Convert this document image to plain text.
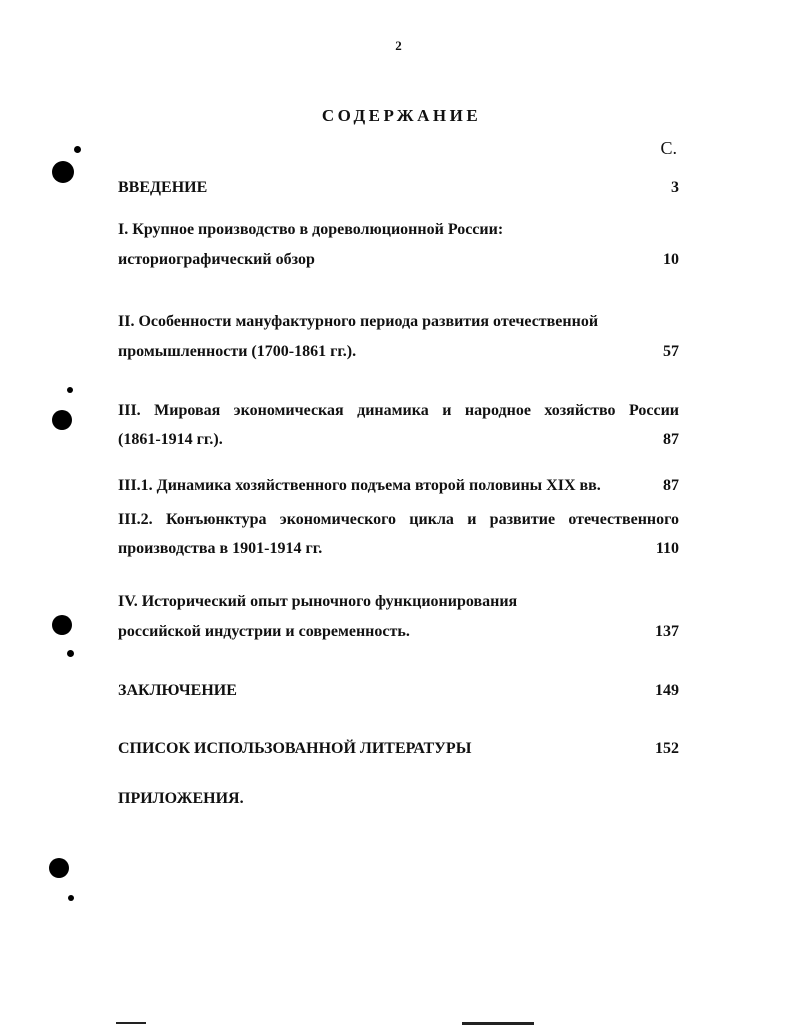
2
СОДЕРЖАНИЕ
С.
ВВЕДЕНИЕ	3
I. Крупное производство в дореволюционной России:
историографический обзор	10
II. Особенности мануфактурного периода развития отечественной
промышленности (1700-1861 гг.).	57
III. Мировая экономическая динамика и народное хозяйство России
(1861-1914 гг.).	87
III.1. Динамика хозяйственного подъема второй половины XIX вв.	87
III.2. Конъюнктура экономического цикла и развитие отечественного
производства в 1901-1914 гг.	110
IV. Исторический опыт рыночного функционирования
российской индустрии и современность.	137
ЗАКЛЮЧЕНИЕ	149
СПИСОК ИСПОЛЬЗОВАННОЙ ЛИТЕРАТУРЫ	152
ПРИЛОЖЕНИЯ.
